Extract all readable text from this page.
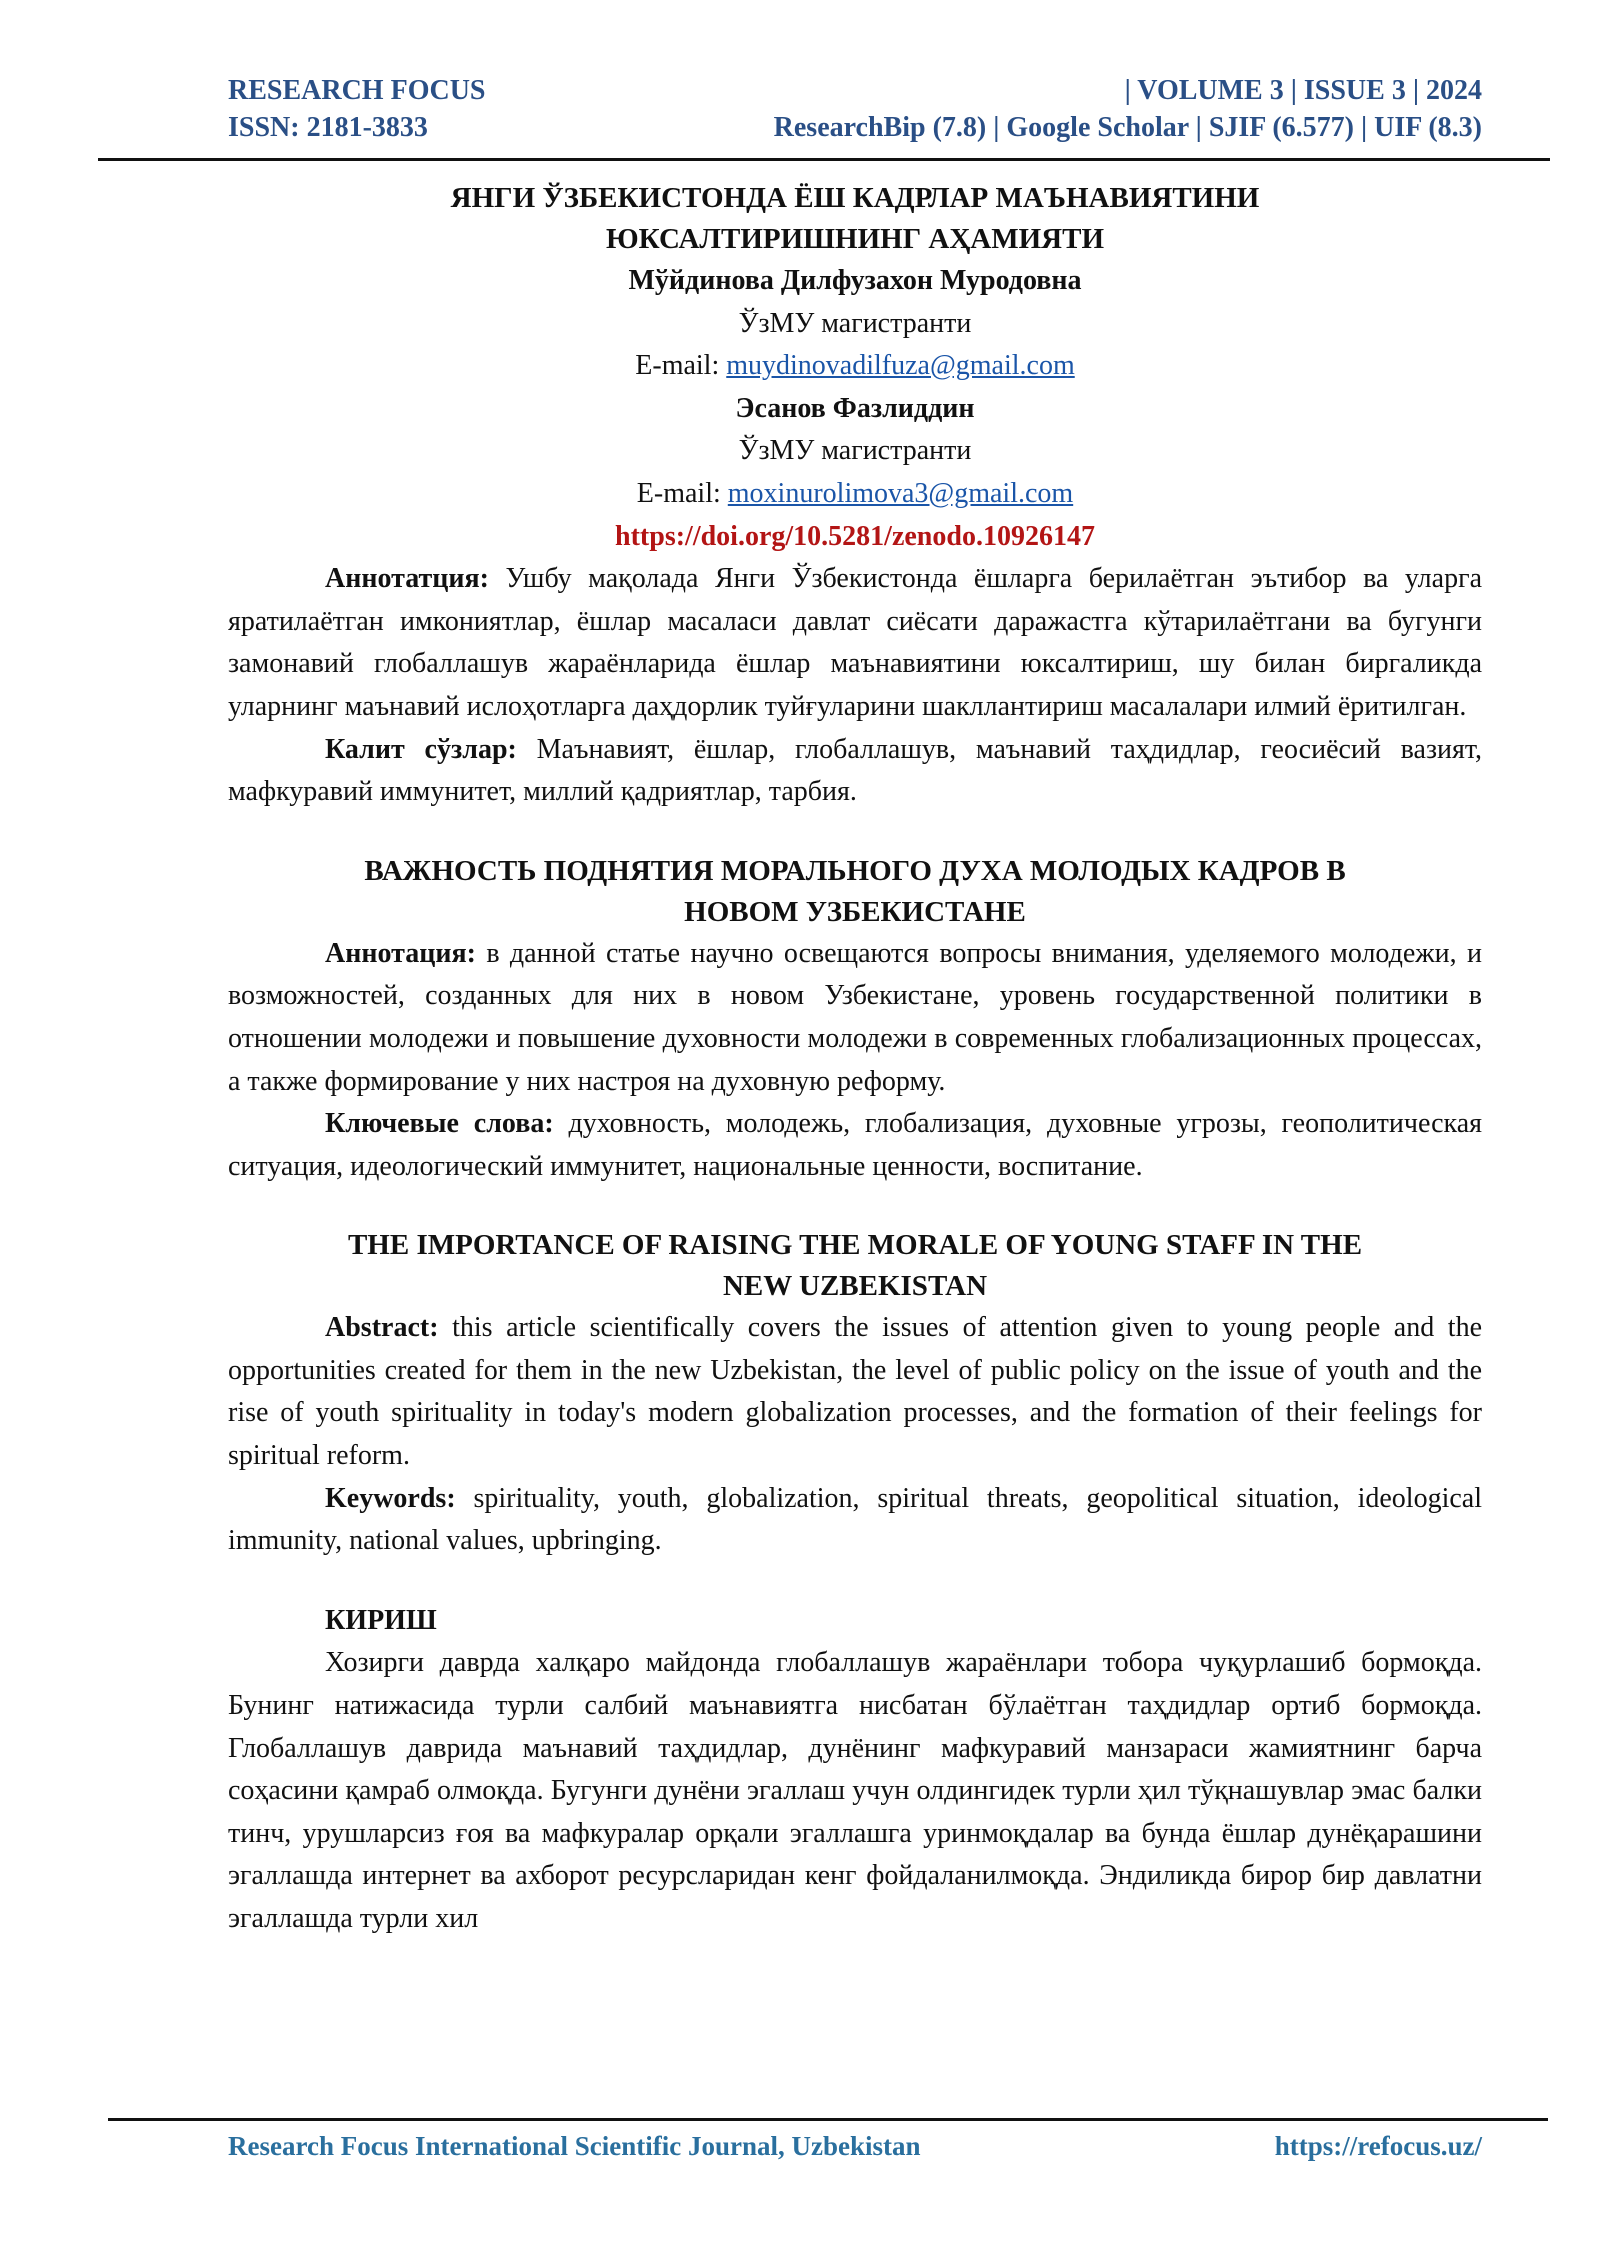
RESEARCH FOCUS	| VOLUME 3 | ISSUE 3 | 2024
ISSN: 2181-3833	ResearchBip (7.8) | Google Scholar | SJIF (6.577) | UIF (8.3)
ЯНГИ ЎЗБЕКИСТОНДА ЁШ КАДРЛАР МАЪНАВИЯТИНИ
ЮКСАЛТИРИШНИНГ АҲАМИЯТИ
Мўйдинова Дилфузахон Муродовна
ЎзМУ магистранти
E-mail: muydinovadilfuza@gmail.com
Эсанов Фазлиддин
ЎзМУ магистранти
E-mail: moxinurolimova3@gmail.com
https://doi.org/10.5281/zenodo.10926147

Аннотатция: Ушбу мақолада Янги Ўзбекистонда ёшларга берилаётган эътибор ва уларга яратилаётган имкониятлар, ёшлар масаласи давлат сиёсати даражастга кўтарилаётгани ва бугунги замонавий глобаллашув жараёнларида ёшлар маънавиятини юксалтириш, шу билан биргаликда уларнинг маънавий ислоҳотларга даҳдорлик туйғуларини шакллантириш масалалари илмий ёритилган.

Калит сўзлар: Маънавият, ёшлар, глобаллашув, маънавий таҳдидлар, геосиёсий вазият, мафкуравий иммунитет, миллий қадриятлар, тарбия.

ВАЖНОСТЬ ПОДНЯТИЯ МОРАЛЬНОГО ДУХА МОЛОДЫХ КАДРОВ В
НОВОМ УЗБЕКИСТАНЕ

Аннотация: в данной статье научно освещаются вопросы внимания, уделяемого молодежи, и возможностей, созданных для них в новом Узбекистане, уровень государственной политики в отношении молодежи и повышение духовности молодежи в современных глобализационных процессах, а также формирование у них настроя на духовную реформу.

Ключевые слова: духовность, молодежь, глобализация, духовные угрозы, геополитическая ситуация, идеологический иммунитет, национальные ценности, воспитание.

THE IMPORTANCE OF RAISING THE MORALE OF YOUNG STAFF IN THE
NEW UZBEKISTAN

Abstract: this article scientifically covers the issues of attention given to young people and the opportunities created for them in the new Uzbekistan, the level of public policy on the issue of youth and the rise of youth spirituality in today's modern globalization processes, and the formation of their feelings for spiritual reform.

Keywords: spirituality, youth, globalization, spiritual threats, geopolitical situation, ideological immunity, national values, upbringing.

КИРИШ

Хозирги даврда халқаро майдонда глобаллашув жараёнлари тобора чуқурлашиб бормоқда. Бунинг натижасида турли салбий маънавиятга нисбатан бўлаётган таҳдидлар ортиб бормоқда. Глобаллашув даврида маънавий таҳдидлар, дунёнинг мафкуравий манзараси жамиятнинг барча соҳасини қамраб олмоқда. Бугунги дунёни эгаллаш учун олдингидек турли ҳил тўқнашувлар эмас балки тинч, урушларсиз ғоя ва мафкуралар орқали эгаллашга уринмоқдалар ва бунда ёшлар дунёқарашини эгаллашда интернет ва ахборот ресурсларидан кенг фойдаланилмоқда. Эндиликда бирор бир давлатни эгаллашда турли хил

Research Focus International Scientific Journal, Uzbekistan	https://refocus.uz/
